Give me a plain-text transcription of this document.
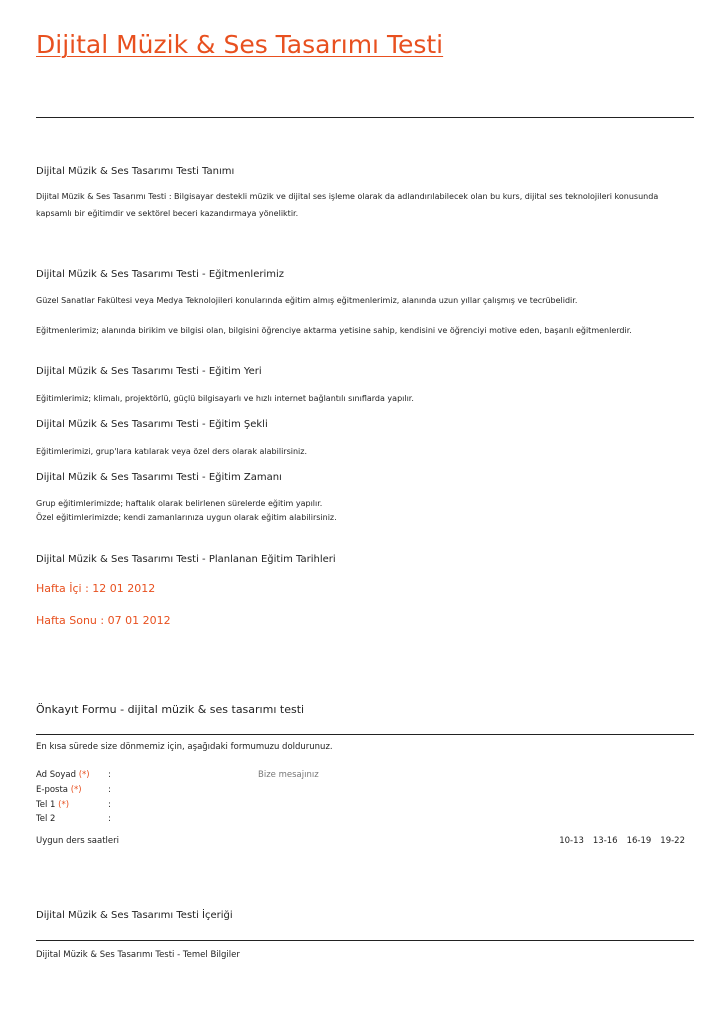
Dijital Müzik & Ses Tasarımı Testi
Dijital Müzik & Ses Tasarımı Testi Tanımı
Dijital Müzik & Ses Tasarımı Testi : Bilgisayar destekli müzik ve dijital ses işleme olarak da adlandırılabilecek olan bu kurs, dijital ses teknolojileri konusunda kapsamlı bir eğitimdir ve sektörel beceri kazandırmaya yöneliktir.
Dijital Müzik & Ses Tasarımı Testi - Eğitmenlerimiz
Güzel Sanatlar Fakültesi veya Medya Teknolojileri konularında eğitim almış eğitmenlerimiz, alanında uzun yıllar çalışmış ve tecrübelidir.
Eğitmenlerimiz; alanında birikim ve bilgisi olan, bilgisini öğrenciye aktarma yetisine sahip, kendisini ve öğrenciyi motive eden, başarılı eğitmenlerdir.
Dijital Müzik & Ses Tasarımı Testi - Eğitim Yeri
Eğitimlerimiz; klimalı, projektörlü, güçlü bilgisayarlı ve hızlı internet bağlantılı sınıflarda yapılır.
Dijital Müzik & Ses Tasarımı Testi - Eğitim Şekli
Eğitimlerimizi, grup'lara katılarak veya özel ders olarak alabilirsiniz.
Dijital Müzik & Ses Tasarımı Testi - Eğitim Zamanı
Grup eğitimlerimizde; haftalık olarak belirlenen sürelerde eğitim yapılır.
Özel eğitimlerimizde; kendi zamanlarınıza uygun olarak eğitim alabilirsiniz.
Dijital Müzik & Ses Tasarımı Testi - Planlanan Eğitim Tarihleri
Hafta İçi : 12 01 2012
Hafta Sonu : 07 01 2012
Önkayıt Formu - dijital müzik & ses tasarımı testi
En kısa sürede size dönmemiz için, aşağıdaki formumuzu doldurunuz.
Ad Soyad (*) :	Bize mesajınız
E-posta (*)	:
Tel 1 (*)	:
Tel 2	:
Uygun ders saatleri	10-13 13-16 16-19 19-22
Dijital Müzik & Ses Tasarımı Testi İçeriği
Dijital Müzik & Ses Tasarımı Testi - Temel Bilgiler
